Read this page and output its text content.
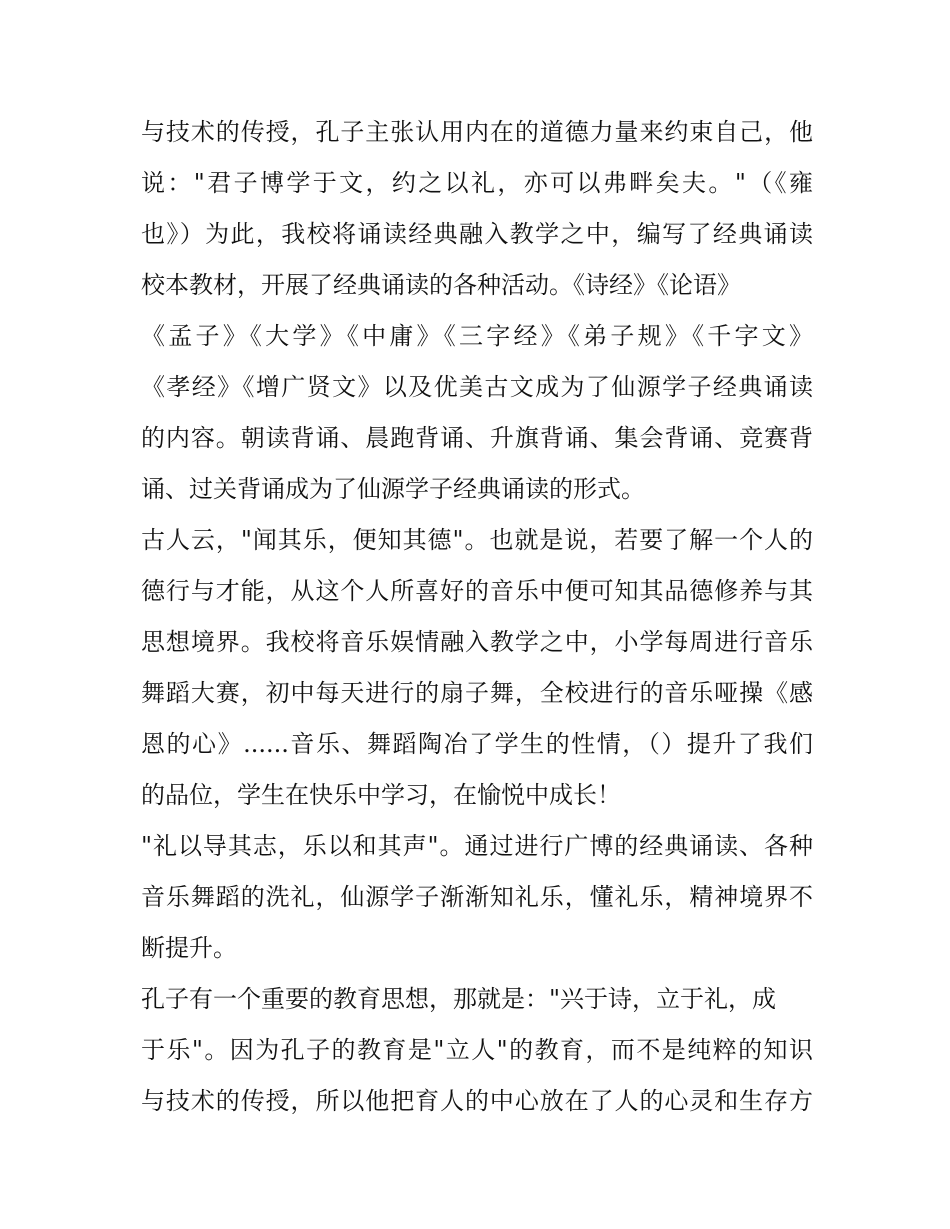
与技术的传授，孔子主张认用内在的道德力量来约束自己，他
说："君子博学于文，约之以礼，亦可以弗畔矣夫。"（《雍
也》）为此，我校将诵读经典融入教学之中，编写了经典诵读
校本教材，开展了经典诵读的各种活动。《诗经》《论语》
《孟子》《大学》《中庸》《三字经》《弟子规》《千字文》
《孝经》《增广贤文》以及优美古文成为了仙源学子经典诵读
的内容。朝读背诵、晨跑背诵、升旗背诵、集会背诵、竞赛背
诵、过关背诵成为了仙源学子经典诵读的形式。
古人云，"闻其乐，便知其德"。也就是说，若要了解一个人的
德行与才能，从这个人所喜好的音乐中便可知其品德修养与其
思想境界。我校将音乐娱情融入教学之中，小学每周进行音乐
舞蹈大赛，初中每天进行的扇子舞，全校进行的音乐哑操《感
恩的心》......音乐、舞蹈陶冶了学生的性情，（）提升了我们
的品位，学生在快乐中学习，在愉悦中成长！
"礼以导其志，乐以和其声"。通过进行广博的经典诵读、各种
音乐舞蹈的洗礼，仙源学子渐渐知礼乐，懂礼乐，精神境界不
断提升。
孔子有一个重要的教育思想，那就是："兴于诗，立于礼，成
于乐"。因为孔子的教育是"立人"的教育，而不是纯粹的知识
与技术的传授，所以他把育人的中心放在了人的心灵和生存方
